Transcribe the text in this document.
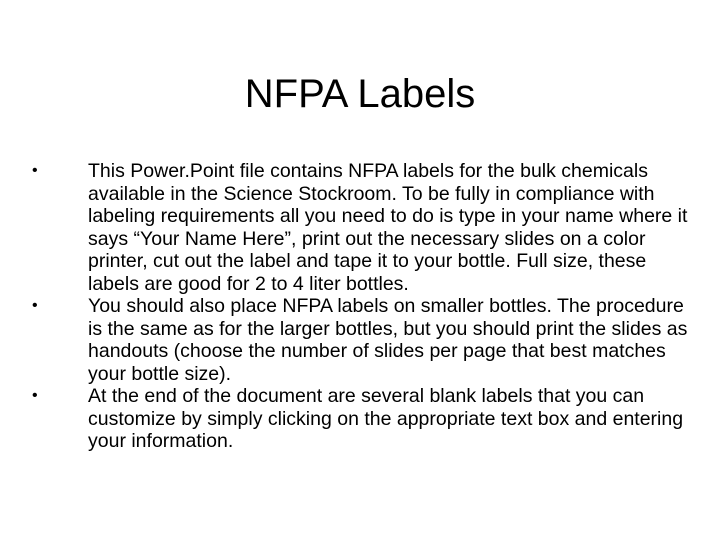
NFPA Labels
•	This Power.Point file contains NFPA labels for the bulk chemicals available in the Science Stockroom. To be fully in compliance with labeling requirements all you need to do is type in your name where it says “Your Name Here”, print out the necessary slides on a color printer, cut out the label and tape it to your bottle. Full size, these labels are good for 2 to 4 liter bottles.
•	You should also place NFPA labels on smaller bottles. The procedure is the same as for the larger bottles, but you should print the slides as handouts (choose the number of slides per page that best matches your bottle size).
•	At the end of the document are several blank labels that you can customize by simply clicking on the appropriate text box and entering your information.
